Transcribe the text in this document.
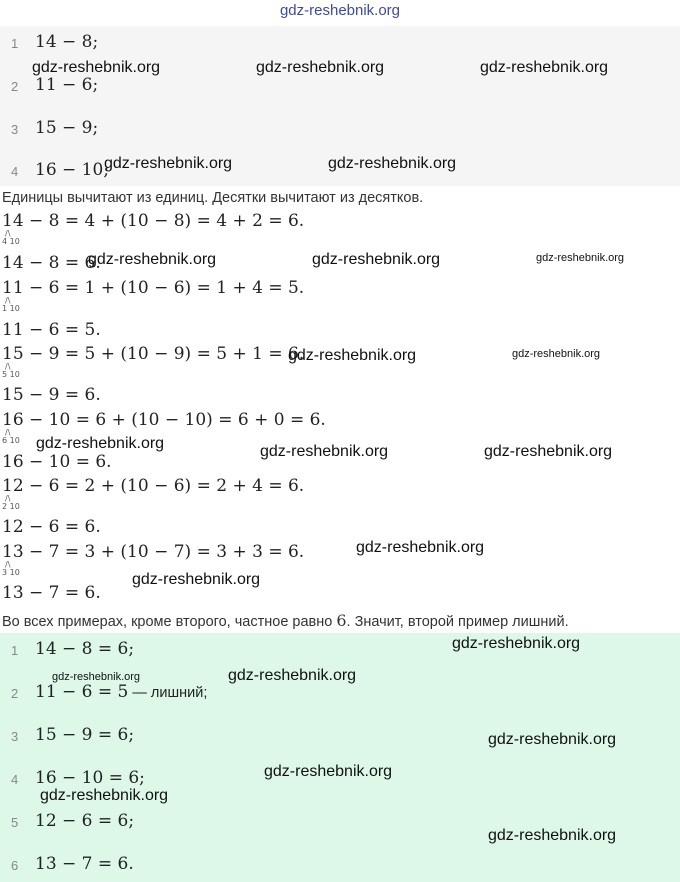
gdz-reshebnik.org
1 14 − 8;
2 11 − 6;
3 15 − 9;
4 16 − 10;
Единицы вычитают из единиц. Десятки вычитают из десятков.
14 − 8 = 4 + (10 − 8) = 4 + 2 = 6.
/\
4 10
14 − 8 = 6.
11 − 6 = 1 + (10 − 6) = 1 + 4 = 5.
/\
1 10
11 − 6 = 5.
15 − 9 = 5 + (10 − 9) = 5 + 1 = 6.
/\
5 10
15 − 9 = 6.
16 − 10 = 6 + (10 − 10) = 6 + 0 = 6.
/\
6 10
16 − 10 = 6.
12 − 6 = 2 + (10 − 6) = 2 + 4 = 6.
/\
2 10
12 − 6 = 6.
13 − 7 = 3 + (10 − 7) = 3 + 3 = 6.
/\
3 10
13 − 7 = 6.
Во всех примерах, кроме второго, частное равно 6. Значит, второй пример лишний.
1 14 − 8 = 6;
2 11 − 6 = 5 — лишний;
3 15 − 9 = 6;
4 16 − 10 = 6;
5 12 − 6 = 6;
6 13 − 7 = 6.
gdz-reshebnik.org	gdz-reshebnik.org	gdz-reshebnik.org
gdz-reshebnik.org	gdz-reshebnik.org
gdz-reshebnik.org	gdz-reshebnik.org	gdz-reshebnik.org
gdz-reshebnik.org	gdz-reshebnik.org
gdz-reshebnik.org	gdz-reshebnik.org	gdz-reshebnik.org
gdz-reshebnik.org
gdz-reshebnik.org
gdz-reshebnik.org
gdz-reshebnik.org	gdz-reshebnik.org
gdz-reshebnik.org
gdz-reshebnik.org
gdz-reshebnik.org
gdz-reshebnik.org
